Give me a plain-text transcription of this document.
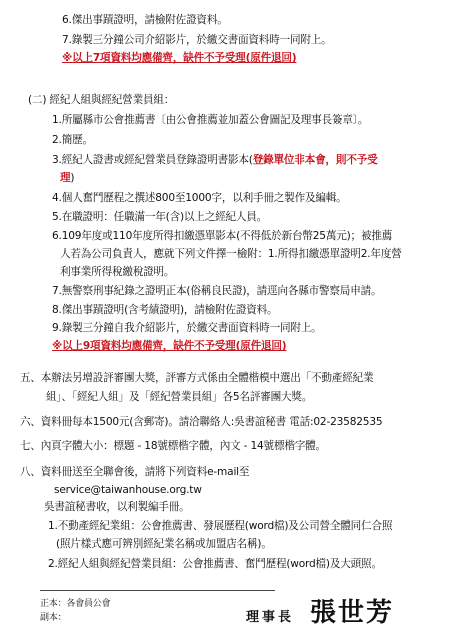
6.傑出事蹟證明，請檢附佐證資料。
7.錄製三分鐘公司介紹影片，於繳交書面資料時一同附上。
※以上7項資料均應備齊，缺件不予受理(原件退回)
(二) 經紀人組與經紀營業員組：
1.所屬縣市公會推薦書〔由公會推薦並加蓋公會圖記及理事長簽章〕。
2.簡歷。
3.經紀人證書或經紀營業員登錄證明書影本(登錄單位非本會，則不予受
理)
4.個人奮鬥歷程之撰述800至1000字，以利手冊之製作及編輯。
5.在職證明：任職滿一年(含)以上之經紀人員。
6.109年度或110年度所得扣繳憑單影本(不得低於新台幣25萬元)；被推薦
人若為公司負責人，應就下列文件擇一檢附：1.所得扣繳憑單證明2.年度營
利事業所得稅繳稅證明。
7.無警察刑事紀錄之證明正本(俗稱良民證)，請逕向各縣市警察局申請。
8.傑出事蹟證明(含考績證明)，請檢附佐證資料。
9.錄製三分鐘自我介紹影片，於繳交書面資料時一同附上。
※以上9項資料均應備齊，缺件不予受理(原件退回)
五、本辦法另增設評審團大獎，評審方式係由全體楷模中選出「不動產經紀業
組」、「經紀人組」及「經紀營業員組」各5名評審團大獎。
六、資料冊每本1500元(含郵寄)。請洽聯絡人:吳書誼秘書 電話:02-23582535
七、內頁字體大小：標題 - 18號標楷字體，內文 - 14號標楷字體。
八、資料冊送至全聯會後，請將下列資料e-mail至
service@taiwanhouse.org.tw
吳書誼秘書收，以利製編手冊。
1.不動產經紀業組：公會推薦書、發展歷程(word檔)及公司營全體同仁合照
(照片樣式應可辨別經紀業名稱或加盟店名稱)。
2.經紀人組與經紀營業員組：公會推薦書、奮鬥歷程(word檔)及大頭照。
正本：各會員公會
副本：	理事長 張世芳
